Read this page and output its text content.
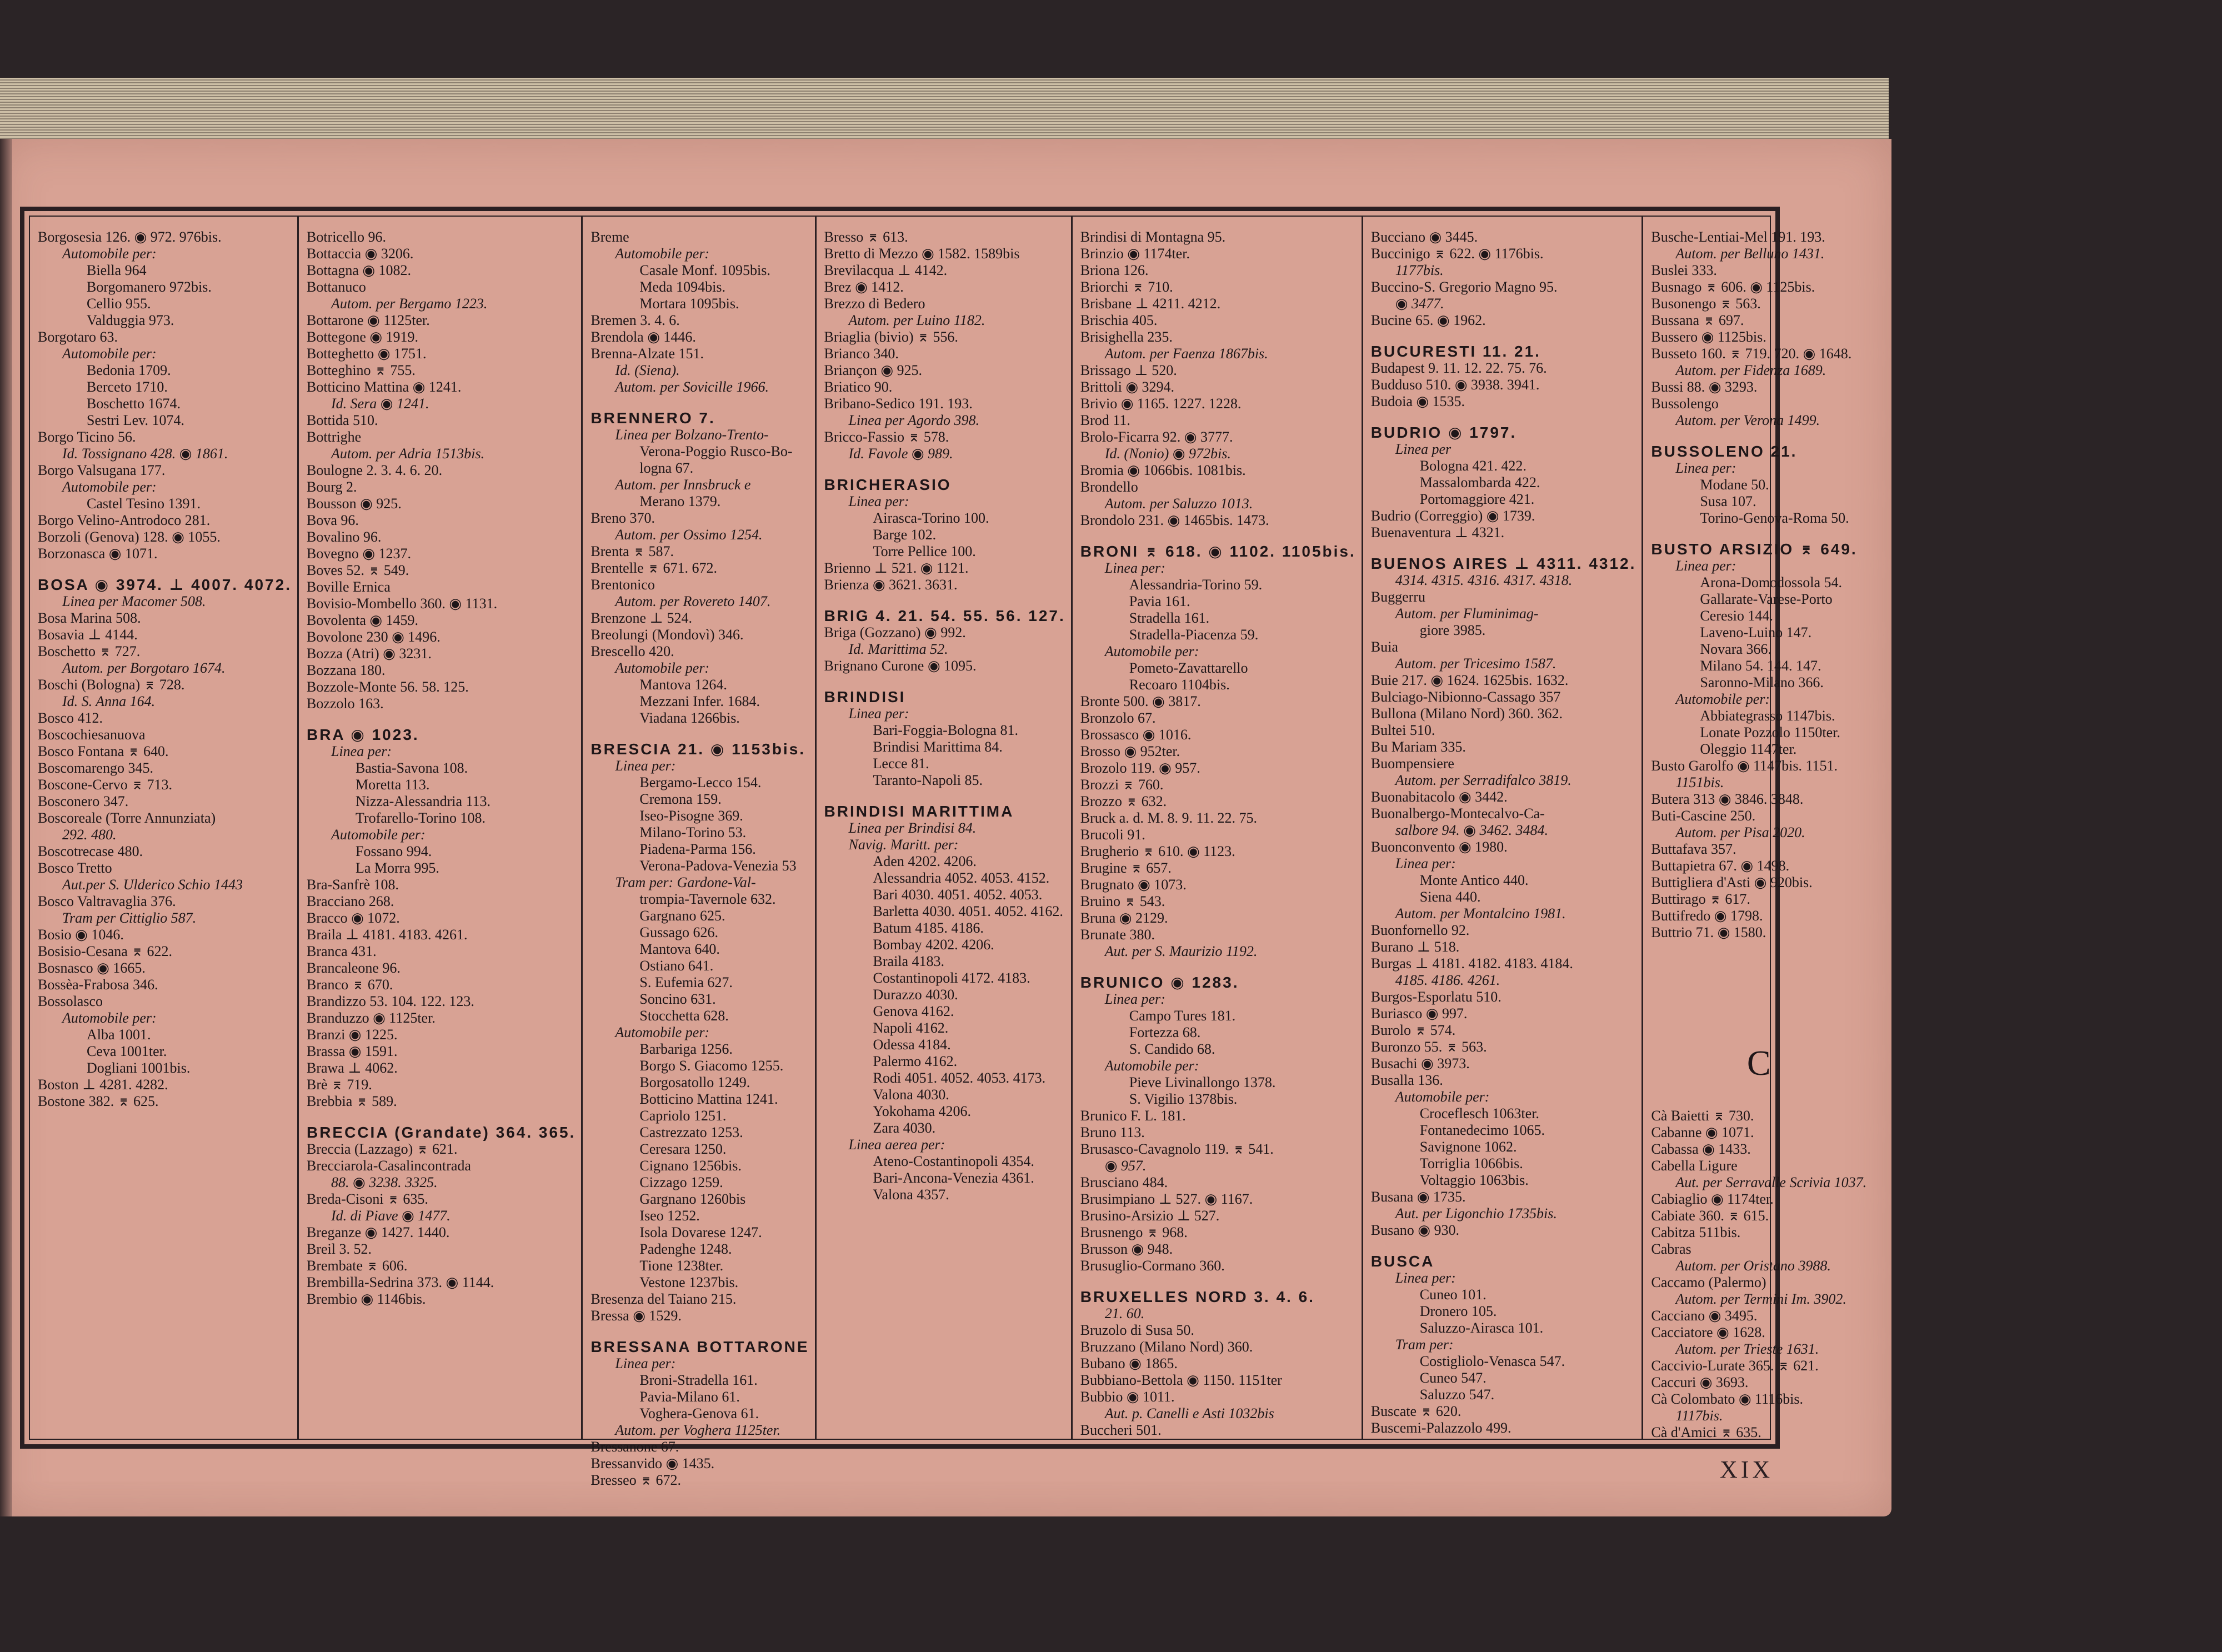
Borgosesia 126. ◉ 972. 976bis.
Automobile per:
Biella 964
Borgomanero 972bis.
Cellio 955.
Valduggia 973.
Borgotaro 63.
Automobile per:
Bedonia 1709.
Berceto 1710.
Boschetto 1674.
Sestri Lev. 1074.
Borgo Ticino 56.
Id. Tossignano 428. ◉ 1861.
Borgo Valsugana 177.
Automobile per:
Castel Tesino 1391.
Borgo Velino-Antrodoco 281.
Borzoli (Genova) 128. ◉ 1055.
Borzonasca ◉ 1071.
BOSA ◉ 3974. ⊥ 4007. 4072.
Linea per Macomer 508.
Bosa Marina 508.
Bosavia ⊥ 4144.
Boschetto ⌆ 727.
Autom. per Borgotaro 1674.
Boschi (Bologna) ⌆ 728.
Id. S. Anna 164.
Bosco 412.
Boscochiesanuova
Bosco Fontana ⌆ 640.
Boscomarengo 345.
Boscone-Cervo ⌆ 713.
Bosconero 347.
Boscoreale (Torre Annunziata)
292. 480.
Boscotrecase 480.
Bosco Tretto
Aut.per S. Ulderico Schio 1443
Bosco Valtravaglia 376.
Tram per Cittiglio 587.
Bosio ◉ 1046.
Bosisio-Cesana ⌆ 622.
Bosnasco ◉ 1665.
Bossèa-Frabosa 346.
Bossolasco
Automobile per:
Alba 1001.
Ceva 1001ter.
Dogliani 1001bis.
Boston ⊥ 4281. 4282.
Bostone 382. ⌆ 625.
Botricello 96.
Bottaccia ◉ 3206.
Bottagna ◉ 1082.
Bottanuco
Autom. per Bergamo 1223.
Bottarone ◉ 1125ter.
Bottegone ◉ 1919.
Botteghetto ◉ 1751.
Botteghino ⌆ 755.
Botticino Mattina ◉ 1241.
Id. Sera ◉ 1241.
Bottida 510.
Bottrighe
Autom. per Adria 1513bis.
Boulogne 2. 3. 4. 6. 20.
Bourg 2.
Bousson ◉ 925.
Bova 96.
Bovalino 96.
Bovegno ◉ 1237.
Boves 52. ⌆ 549.
Boville Ernica
Bovisio-Mombello 360. ◉ 1131.
Bovolenta ◉ 1459.
Bovolone 230 ◉ 1496.
Bozza (Atri) ◉ 3231.
Bozzana 180.
Bozzole-Monte 56. 58. 125.
Bozzolo 163.
BRA ◉ 1023.
Linea per:
Bastia-Savona 108.
Moretta 113.
Nizza-Alessandria 113.
Trofarello-Torino 108.
Automobile per:
Fossano 994.
La Morra 995.
Bra-Sanfrè 108.
Bracciano 268.
Bracco ◉ 1072.
Braila ⊥ 4181. 4183. 4261.
Branca 431.
Brancaleone 96.
Branco ⌆ 670.
Brandizzo 53. 104. 122. 123.
Branduzzo ◉ 1125ter.
Branzi ◉ 1225.
Brassa ◉ 1591.
Brawa ⊥ 4062.
Brè ⌆ 719.
Brebbia ⌆ 589.
BRECCIA (Grandate) 364. 365.
Breccia (Lazzago) ⌆ 621.
Brecciarola-Casalincontrada
88. ◉ 3238. 3325.
Breda-Cisoni ⌆ 635.
Id. di Piave ◉ 1477.
Breganze ◉ 1427. 1440.
Breil 3. 52.
Brembate ⌆ 606.
Brembilla-Sedrina 373. ◉ 1144.
Brembio ◉ 1146bis.
Breme
Automobile per:
Casale Monf. 1095bis.
Meda 1094bis.
Mortara 1095bis.
Bremen 3. 4. 6.
Brendola ◉ 1446.
Brenna-Alzate 151.
Id. (Siena).
Autom. per Sovicille 1966.
BRENNERO 7.
Linea per Bolzano-Trento-
Verona-Poggio Rusco-Bo-
logna 67.
Autom. per Innsbruck e
Merano 1379.
Breno 370.
Autom. per Ossimo 1254.
Brenta ⌆ 587.
Brentelle ⌆ 671. 672.
Brentonico
Autom. per Rovereto 1407.
Brenzone ⊥ 524.
Breolungi (Mondovì) 346.
Brescello 420.
Automobile per:
Mantova 1264.
Mezzani Infer. 1684.
Viadana 1266bis.
BRESCIA 21. ◉ 1153bis.
Linea per:
Bergamo-Lecco 154.
Cremona 159.
Iseo-Pisogne 369.
Milano-Torino 53.
Piadena-Parma 156.
Verona-Padova-Venezia 53
Tram per: Gardone-Val-
trompia-Tavernole 632.
Gargnano 625.
Gussago 626.
Mantova 640.
Ostiano 641.
S. Eufemia 627.
Soncino 631.
Stocchetta 628.
Automobile per:
Barbariga 1256.
Borgo S. Giacomo 1255.
Borgosatollo 1249.
Botticino Mattina 1241.
Capriolo 1251.
Castrezzato 1253.
Ceresara 1250.
Cignano 1256bis.
Cizzago 1259.
Gargnano 1260bis
Iseo 1252.
Isola Dovarese 1247.
Padenghe 1248.
Tione 1238ter.
Vestone 1237bis.
Bresenza del Taiano 215.
Bressa ◉ 1529.
BRESSANA BOTTARONE
Linea per:
Broni-Stradella 161.
Pavia-Milano 61.
Voghera-Genova 61.
Autom. per Voghera 1125ter.
Bressanone 67.
Bressanvido ◉ 1435.
Bresseo ⌆ 672.
Bresso ⌆ 613.
Bretto di Mezzo ◉ 1582. 1589bis
Brevilacqua ⊥ 4142.
Brez ◉ 1412.
Brezzo di Bedero
Autom. per Luino 1182.
Briaglia (bivio) ⌆ 556.
Brianco 340.
Briançon ◉ 925.
Briatico 90.
Bribano-Sedico 191. 193.
Linea per Agordo 398.
Bricco-Fassio ⌆ 578.
Id. Favole ◉ 989.
BRICHERASIO
Linea per:
Airasca-Torino 100.
Barge 102.
Torre Pellice 100.
Brienno ⊥ 521. ◉ 1121.
Brienza ◉ 3621. 3631.
BRIG 4. 21. 54. 55. 56. 127.
Briga (Gozzano) ◉ 992.
Id. Marittima 52.
Brignano Curone ◉ 1095.
BRINDISI
Linea per:
Bari-Foggia-Bologna 81.
Brindisi Marittima 84.
Lecce 81.
Taranto-Napoli 85.
BRINDISI MARITTIMA
Linea per Brindisi 84.
Navig. Maritt. per:
Aden 4202. 4206.
Alessandria 4052. 4053. 4152.
Bari 4030. 4051. 4052. 4053.
Barletta 4030. 4051. 4052. 4162.
Batum 4185. 4186.
Bombay 4202. 4206.
Braila 4183.
Costantinopoli 4172. 4183.
Durazzo 4030.
Genova 4162.
Napoli 4162.
Odessa 4184.
Palermo 4162.
Rodi 4051. 4052. 4053. 4173.
Valona 4030.
Yokohama 4206.
Zara 4030.
Linea aerea per:
Ateno-Costantinopoli 4354.
Bari-Ancona-Venezia 4361.
Valona 4357.
Brindisi di Montagna 95.
Brinzio ◉ 1174ter.
Briona 126.
Briorchi ⌆ 710.
Brisbane ⊥ 4211. 4212.
Brischia 405.
Brisighella 235.
Autom. per Faenza 1867bis.
Brissago ⊥ 520.
Brittoli ◉ 3294.
Brivio ◉ 1165. 1227. 1228.
Brod 11.
Brolo-Ficarra 92. ◉ 3777.
Id. (Nonio) ◉ 972bis.
Bromia ◉ 1066bis. 1081bis.
Brondello
Autom. per Saluzzo 1013.
Brondolo 231. ◉ 1465bis. 1473.
BRONI ⌆ 618. ◉ 1102. 1105bis.
Linea per:
Alessandria-Torino 59.
Pavia 161.
Stradella 161.
Stradella-Piacenza 59.
Automobile per:
Pometo-Zavattarello
Recoaro 1104bis.
Bronte 500. ◉ 3817.
Bronzolo 67.
Brossasco ◉ 1016.
Brosso ◉ 952ter.
Brozolo 119. ◉ 957.
Brozzi ⌆ 760.
Brozzo ⌆ 632.
Bruck a. d. M. 8. 9. 11. 22. 75.
Brucoli 91.
Brugherio ⌆ 610. ◉ 1123.
Brugine ⌆ 657.
Brugnato ◉ 1073.
Bruino ⌆ 543.
Bruna ◉ 2129.
Brunate 380.
Aut. per S. Maurizio 1192.
BRUNICO ◉ 1283.
Linea per:
Campo Tures 181.
Fortezza 68.
S. Candido 68.
Automobile per:
Pieve Livinallongo 1378.
S. Vigilio 1378bis.
Brunico F. L. 181.
Bruno 113.
Brusasco-Cavagnolo 119. ⌆ 541.
◉ 957.
Brusciano 484.
Brusimpiano ⊥ 527. ◉ 1167.
Brusino-Arsizio ⊥ 527.
Brusnengo ⌆ 968.
Brusson ◉ 948.
Brusuglio-Cormano 360.
BRUXELLES NORD 3. 4. 6.
21. 60.
Bruzolo di Susa 50.
Bruzzano (Milano Nord) 360.
Bubano ◉ 1865.
Bubbiano-Bettola ◉ 1150. 1151ter
Bubbio ◉ 1011.
Aut. p. Canelli e Asti 1032bis
Buccheri 501.
Bucciano ◉ 3445.
Buccinigo ⌆ 622. ◉ 1176bis.
1177bis.
Buccino-S. Gregorio Magno 95.
◉ 3477.
Bucine 65. ◉ 1962.
BUCURESTI 11. 21.
Budapest 9. 11. 12. 22. 75. 76.
Budduso 510. ◉ 3938. 3941.
Budoia ◉ 1535.
BUDRIO ◉ 1797.
Linea per
Bologna 421. 422.
Massalombarda 422.
Portomaggiore 421.
Budrio (Correggio) ◉ 1739.
Buenaventura ⊥ 4321.
BUENOS AIRES ⊥ 4311. 4312.
4314. 4315. 4316. 4317. 4318.
Buggerru
Autom. per Fluminimag-
giore 3985.
Buia
Autom. per Tricesimo 1587.
Buie 217. ◉ 1624. 1625bis. 1632.
Bulciago-Nibionno-Cassago 357
Bullona (Milano Nord) 360. 362.
Bultei 510.
Bu Mariam 335.
Buompensiere
Autom. per Serradifalco 3819.
Buonabitacolo ◉ 3442.
Buonalbergo-Montecalvo-Ca-
salbore 94. ◉ 3462. 3484.
Buonconvento ◉ 1980.
Linea per:
Monte Antico 440.
Siena 440.
Autom. per Montalcino 1981.
Buonfornello 92.
Burano ⊥ 518.
Burgas ⊥ 4181. 4182. 4183. 4184.
4185. 4186. 4261.
Burgos-Esporlatu 510.
Buriasco ◉ 997.
Burolo ⌆ 574.
Buronzo 55. ⌆ 563.
Busachi ◉ 3973.
Busalla 136.
Automobile per:
Croceflesch 1063ter.
Fontanedecimo 1065.
Savignone 1062.
Torriglia 1066bis.
Voltaggio 1063bis.
Busana ◉ 1735.
Aut. per Ligonchio 1735bis.
Busano ◉ 930.
BUSCA
Linea per:
Cuneo 101.
Dronero 105.
Saluzzo-Airasca 101.
Tram per:
Costigliolo-Venasca 547.
Cuneo 547.
Saluzzo 547.
Buscate ⌆ 620.
Buscemi-Palazzolo 499.
Busche-Lentiai-Mel 191. 193.
Autom. per Belluno 1431.
Buslei 333.
Busnago ⌆ 606. ◉ 1125bis.
Busonengo ⌆ 563.
Bussana ⌆ 697.
Bussero ◉ 1125bis.
Busseto 160. ⌆ 719. 720. ◉ 1648.
Autom. per Fidenza 1689.
Bussi 88. ◉ 3293.
Bussolengo
Autom. per Verona 1499.
BUSSOLENO 21.
Linea per:
Modane 50.
Susa 107.
Torino-Genova-Roma 50.
BUSTO ARSIZIO ⌆ 649.
Linea per:
Arona-Domodossola 54.
Gallarate-Varese-Porto
Ceresio 144.
Laveno-Luino 147.
Novara 366.
Milano 54. 144. 147.
Saronno-Milano 366.
Automobile per:
Abbiategrasso 1147bis.
Lonate Pozzolo 1150ter.
Oleggio 1147ter.
Busto Garolfo ◉ 1147bis. 1151.
1151bis.
Butera 313 ◉ 3846. 3848.
Buti-Cascine 250.
Autom. per Pisa 2020.
Buttafava 357.
Buttapietra 67. ◉ 1498.
Buttigliera d'Asti ◉ 920bis.
Buttirago ⌆ 617.
Buttifredo ◉ 1798.
Buttrio 71. ◉ 1580.
C
Cà Baietti ⌆ 730.
Cabanne ◉ 1071.
Cabassa ◉ 1433.
Cabella Ligure
Aut. per Serravalle Scrivia 1037.
Cabiaglio ◉ 1174ter.
Cabiate 360. ⌆ 615.
Cabitza 511bis.
Cabras
Autom. per Oristano 3988.
Caccamo (Palermo)
Autom. per Termini Im. 3902.
Cacciano ◉ 3495.
Cacciatore ◉ 1628.
Autom. per Trieste 1631.
Caccivio-Lurate 365. ⌆ 621.
Caccuri ◉ 3693.
Cà Colombato ◉ 1116bis.
1117bis.
Cà d'Amici ⌆ 635.
XIX
